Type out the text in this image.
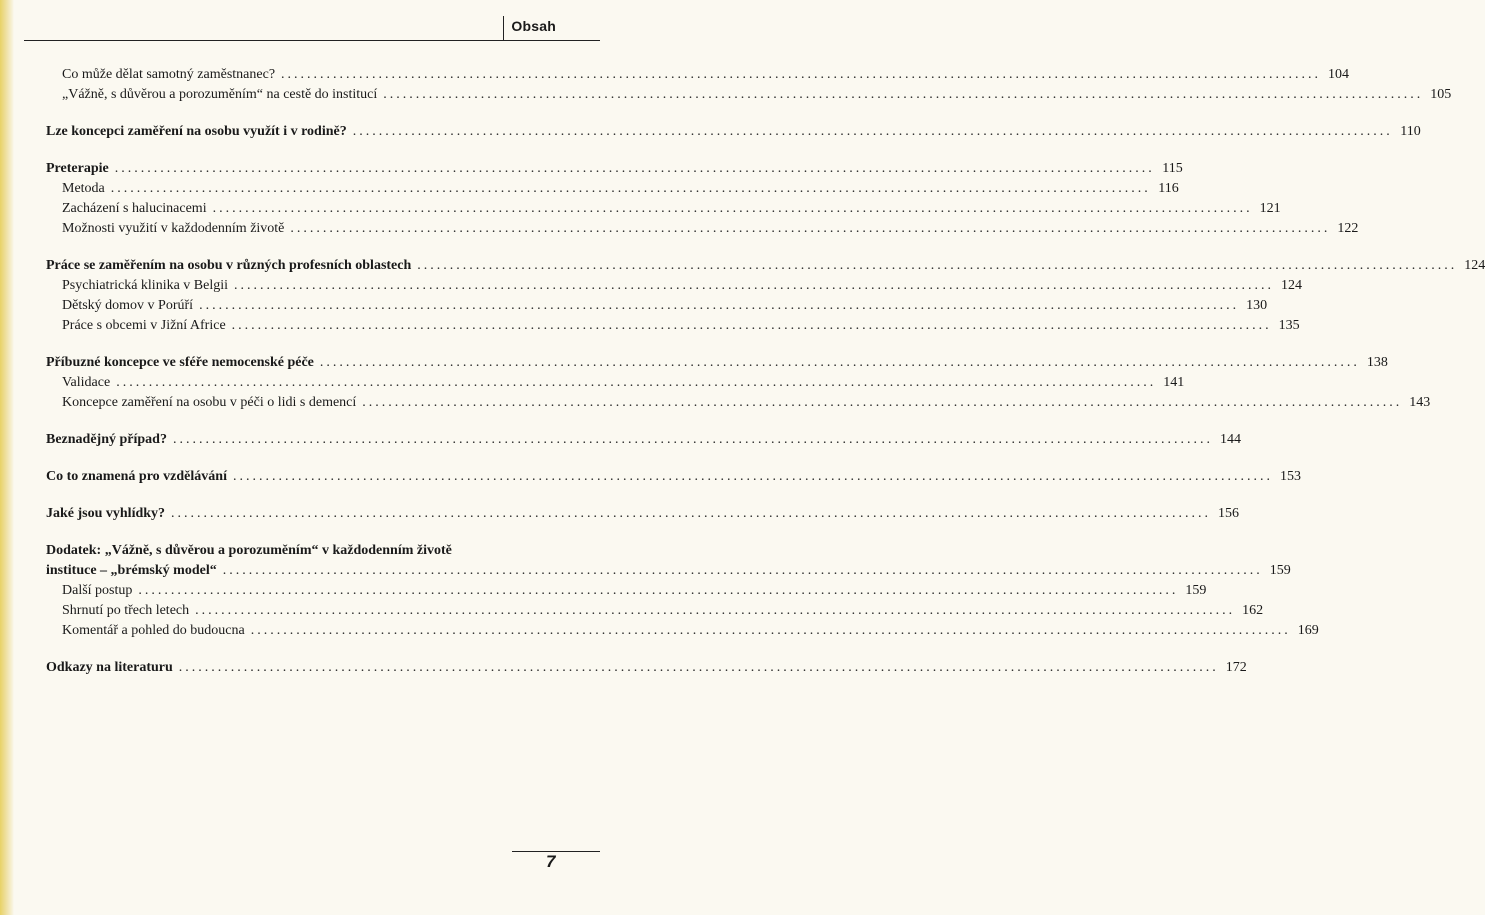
Obsah
Co může dělat samotný zaměstnanec? .....	104
„Vážně, s důvěrou a porozuměním“ na cestě do institucí .....	105
Lze koncepci zaměření na osobu využít i v rodině? .....	110
Preterapie .....	115
Metoda .....	116
Zacházení s halucinacemi .....	121
Možnosti využití v každodenním životě .....	122
Práce se zaměřením na osobu v různých profesních oblastech .....	124
Psychiatrická klinika v Belgii .....	124
Dětský domov v Porúří .....	130
Práce s obcemi v Jižní Africe .....	135
Příbuzné koncepce ve sféře nemocenské péče .....	138
Validace .....	141
Koncepce zaměření na osobu v péči o lidi s demencí .....	143
Beznadějný případ? .....	144
Co to znamená pro vzdělávání .....	153
Jaké jsou vyhlídky? .....	156
Dodatek: „Vážně, s důvěrou a porozuměním“ v každodenním životě
instituce – „brémský model“ .....	159
Další postup .....	159
Shrnutí po třech letech .....	162
Komentář a pohled do budoucna .....	169
Odkazy na literaturu .....	172
7
